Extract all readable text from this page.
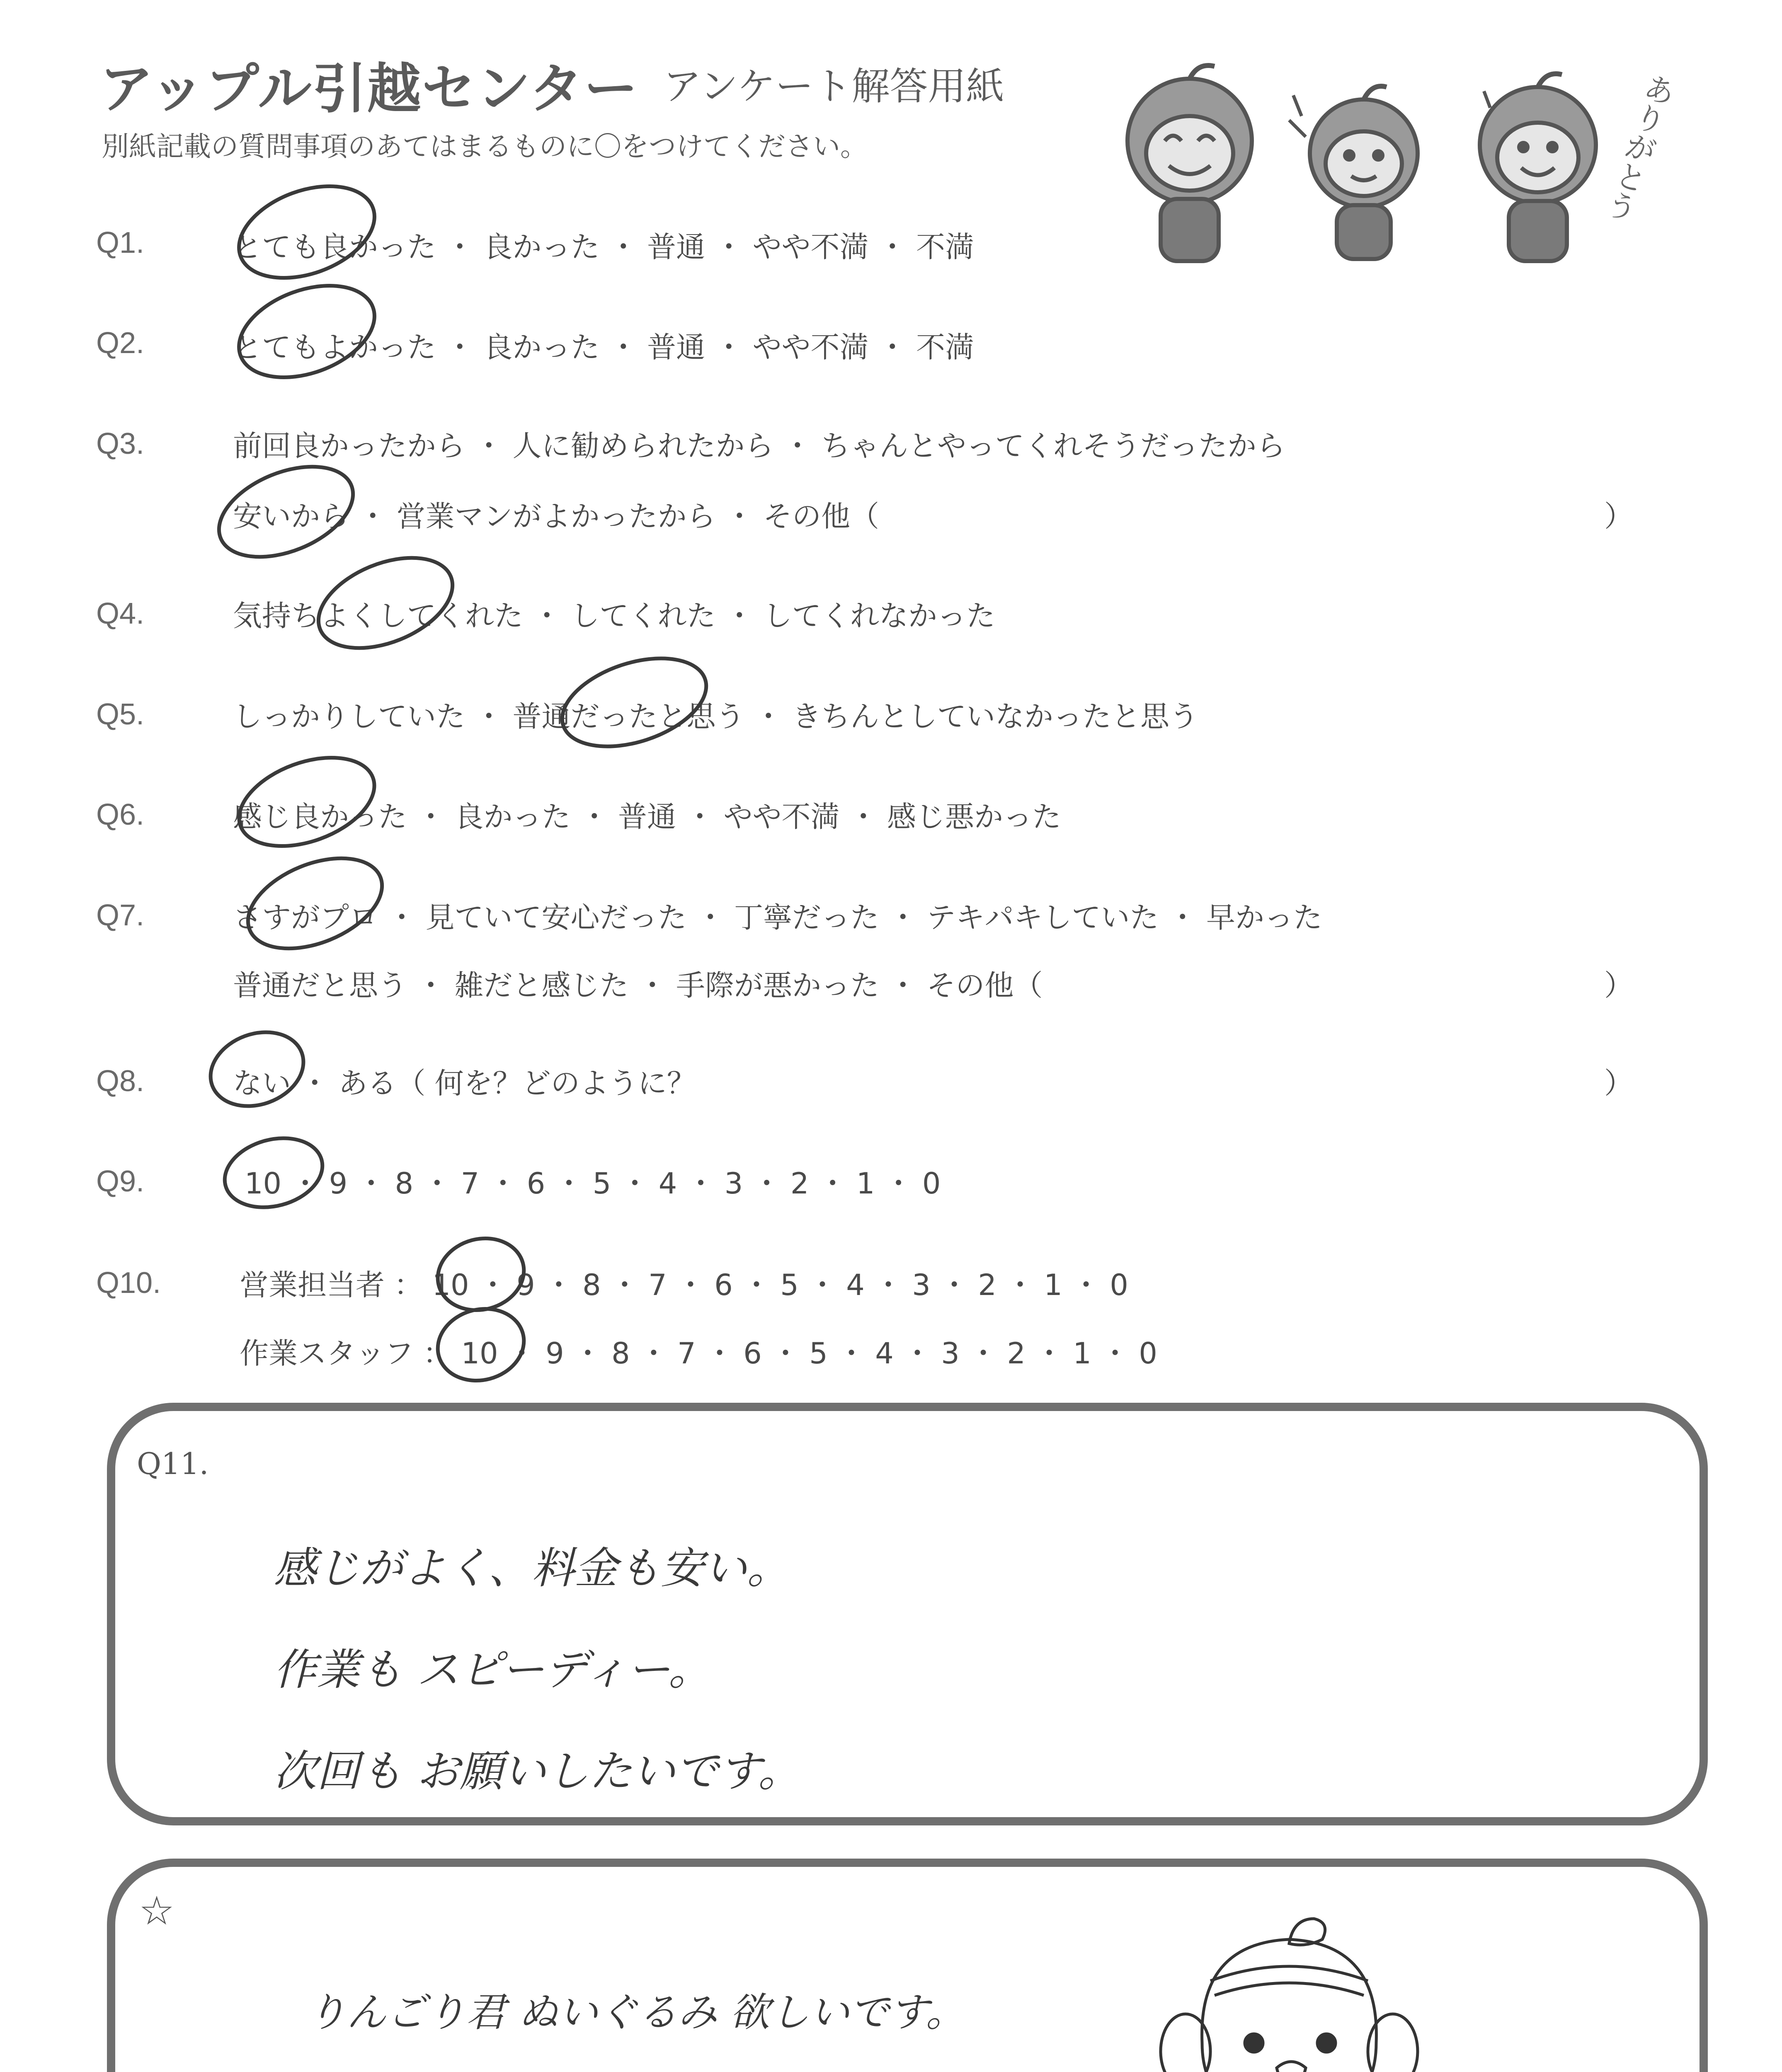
アップル引越センター アンケート解答用紙
別紙記載の質問事項のあてはまるものに〇をつけてください。	ありがとう
Q1.	とても良かった ・ 良かった ・ 普通 ・ やや不満 ・ 不満
Q2.	とてもよかった ・ 良かった ・ 普通 ・ やや不満 ・ 不満
Q3.	前回良かったから ・ 人に勧められたから ・ ちゃんとやってくれそうだったから
安いから ・ 営業マンがよかったから ・ その他（	）
Q4.	気持ちよくしてくれた ・ してくれた ・ してくれなかった
Q5.	しっかりしていた ・ 普通だったと思う ・ きちんとしていなかったと思う
Q6.	感じ良かった ・ 良かった ・ 普通 ・ やや不満 ・ 感じ悪かった
Q7.	さすがプロ ・ 見ていて安心だった ・ 丁寧だった ・ テキパキしていた ・ 早かった
普通だと思う ・ 雑だと感じた ・ 手際が悪かった ・ その他（	）
Q8.	ない ・ ある（ 何を？どのように？	）
Q9.	10 ・ 9 ・ 8 ・ 7 ・ 6 ・ 5 ・ 4 ・ 3 ・ 2 ・ 1 ・ 0
Q10.	営業担当者 ： 10 ・ 9 ・ 8 ・ 7 ・ 6 ・ 5 ・ 4 ・ 3 ・ 2 ・ 1 ・ 0
作業スタッフ ： 10 ・ 9 ・ 8 ・ 7 ・ 6 ・ 5 ・ 4 ・ 3 ・ 2 ・ 1 ・ 0
Q11.
感じがよく、料金も安い。
作業も スピーディー。
次回も お願いしたいです。
☆
りんごり君 ぬいぐるみ 欲しいです。
